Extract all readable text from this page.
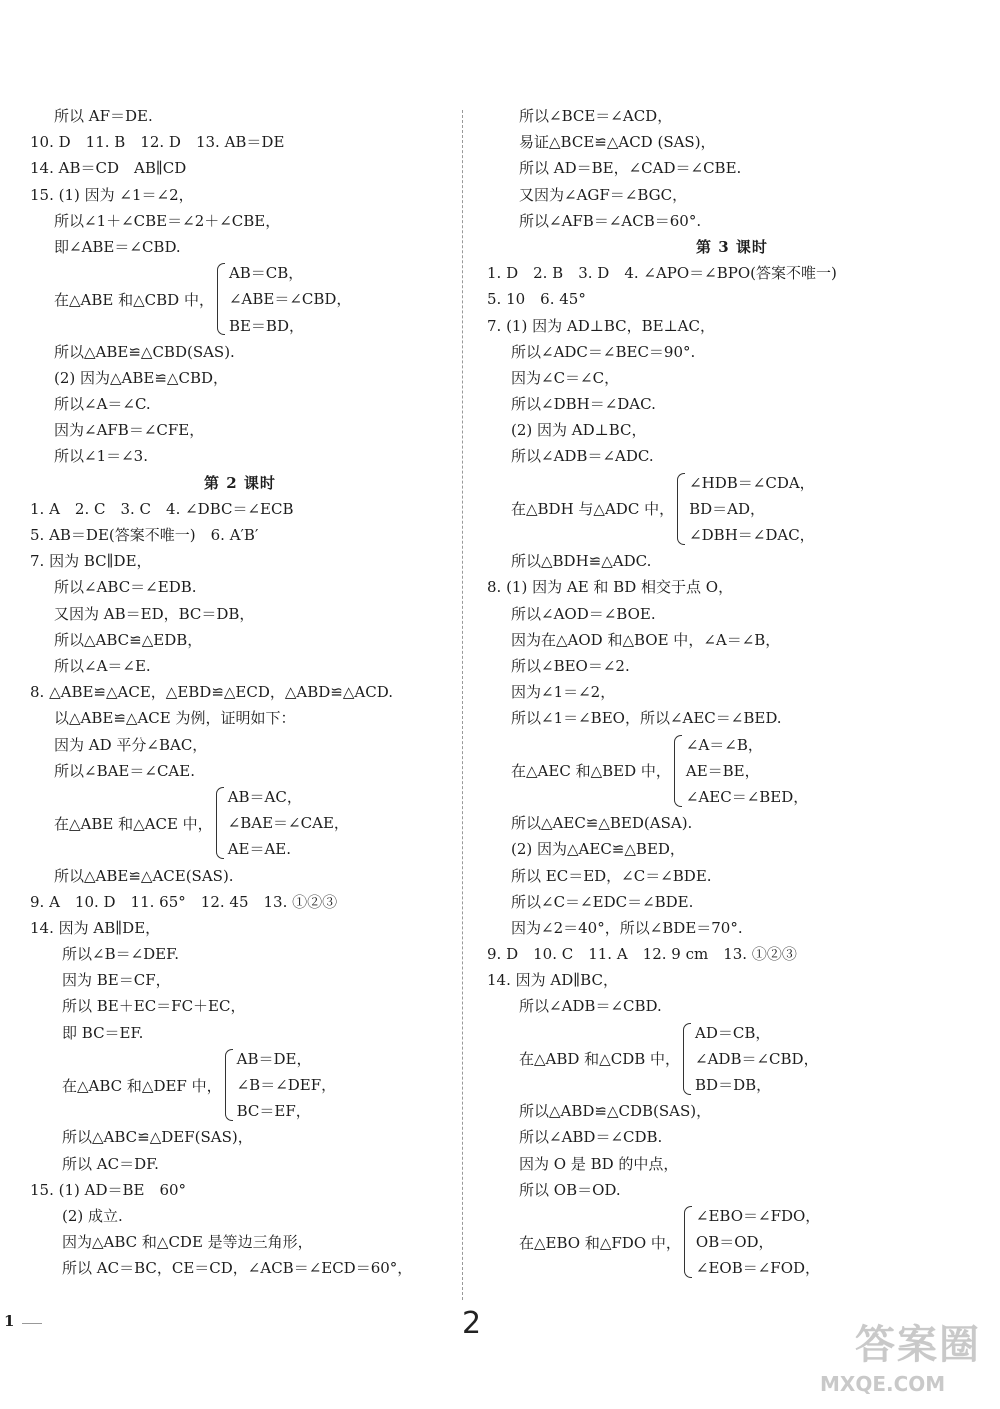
所以 AF＝DE.
10. D　11. B　12. D　13. AB＝DE
14. AB＝CD　AB∥CD
15. (1) 因为 ∠1＝∠2，
所以∠1＋∠CBE＝∠2＋∠CBE，
即∠ABE＝∠CBD.
在△ABE 和△CBD 中，
AB＝CB，
∠ABE＝∠CBD，
BE＝BD，
所以△ABE≌△CBD(SAS).
(2) 因为△ABE≌△CBD，
所以∠A＝∠C.
因为∠AFB＝∠CFE，
所以∠1＝∠3.
第 2 课时
1. A　2. C　3. C　4. ∠DBC＝∠ECB
5. AB＝DE(答案不唯一)　6. A′B′
7. 因为 BC∥DE，
所以∠ABC＝∠EDB.
又因为 AB＝ED，BC＝DB，
所以△ABC≌△EDB，
所以∠A＝∠E.
8. △ABE≌△ACE，△EBD≌△ECD，△ABD≌△ACD.
以△ABE≌△ACE 为例，证明如下：
因为 AD 平分∠BAC，
所以∠BAE＝∠CAE.
在△ABE 和△ACE 中，
AB＝AC，
∠BAE＝∠CAE，
AE＝AE.
所以△ABE≌△ACE(SAS).
9. A　10. D　11. 65°　12. 45　13. ①②③
14. 因为 AB∥DE，
所以∠B＝∠DEF.
因为 BE＝CF，
所以 BE＋EC＝FC＋EC，
即 BC＝EF.
在△ABC 和△DEF 中，
AB＝DE，
∠B＝∠DEF，
BC＝EF，
所以△ABC≌△DEF(SAS)，
所以 AC＝DF.
15. (1) AD＝BE　60°
(2) 成立.
因为△ABC 和△CDE 是等边三角形，
所以 AC＝BC，CE＝CD，∠ACB＝∠ECD＝60°，
所以∠BCE＝∠ACD，
易证△BCE≌△ACD (SAS)，
所以 AD＝BE，∠CAD＝∠CBE.
又因为∠AGF＝∠BGC，
所以∠AFB＝∠ACB＝60°.
第 3 课时
1. D　2. B　3. D　4. ∠APO＝∠BPO(答案不唯一)
5. 10　6. 45°
7. (1) 因为 AD⊥BC，BE⊥AC，
所以∠ADC＝∠BEC＝90°.
因为∠C＝∠C，
所以∠DBH＝∠DAC.
(2) 因为 AD⊥BC，
所以∠ADB＝∠ADC.
在△BDH 与△ADC 中，
∠HDB＝∠CDA，
BD＝AD，
∠DBH＝∠DAC，
所以△BDH≌△ADC.
8. (1) 因为 AE 和 BD 相交于点 O，
所以∠AOD＝∠BOE.
因为在△AOD 和△BOE 中，∠A＝∠B，
所以∠BEO＝∠2.
因为∠1＝∠2，
所以∠1＝∠BEO，所以∠AEC＝∠BED.
在△AEC 和△BED 中，
∠A＝∠B，
AE＝BE，
∠AEC＝∠BED，
所以△AEC≌△BED(ASA).
(2) 因为△AEC≌△BED，
所以 EC＝ED，∠C＝∠BDE.
所以∠C＝∠EDC＝∠BDE.
因为∠2＝40°，所以∠BDE＝70°.
9. D　10. C　11. A　12. 9 cm　13. ①②③
14. 因为 AD∥BC，
所以∠ADB＝∠CBD.
在△ABD 和△CDB 中，
AD＝CB，
∠ADB＝∠CBD，
BD＝DB，
所以△ABD≌△CDB(SAS)，
所以∠ABD＝∠CDB.
因为 O 是 BD 的中点，
所以 OB＝OD.
在△EBO 和△FDO 中，
∠EBO＝∠FDO，
OB＝OD，
∠EOB＝∠FOD，
1	2	答案圈
MXQE.COM
